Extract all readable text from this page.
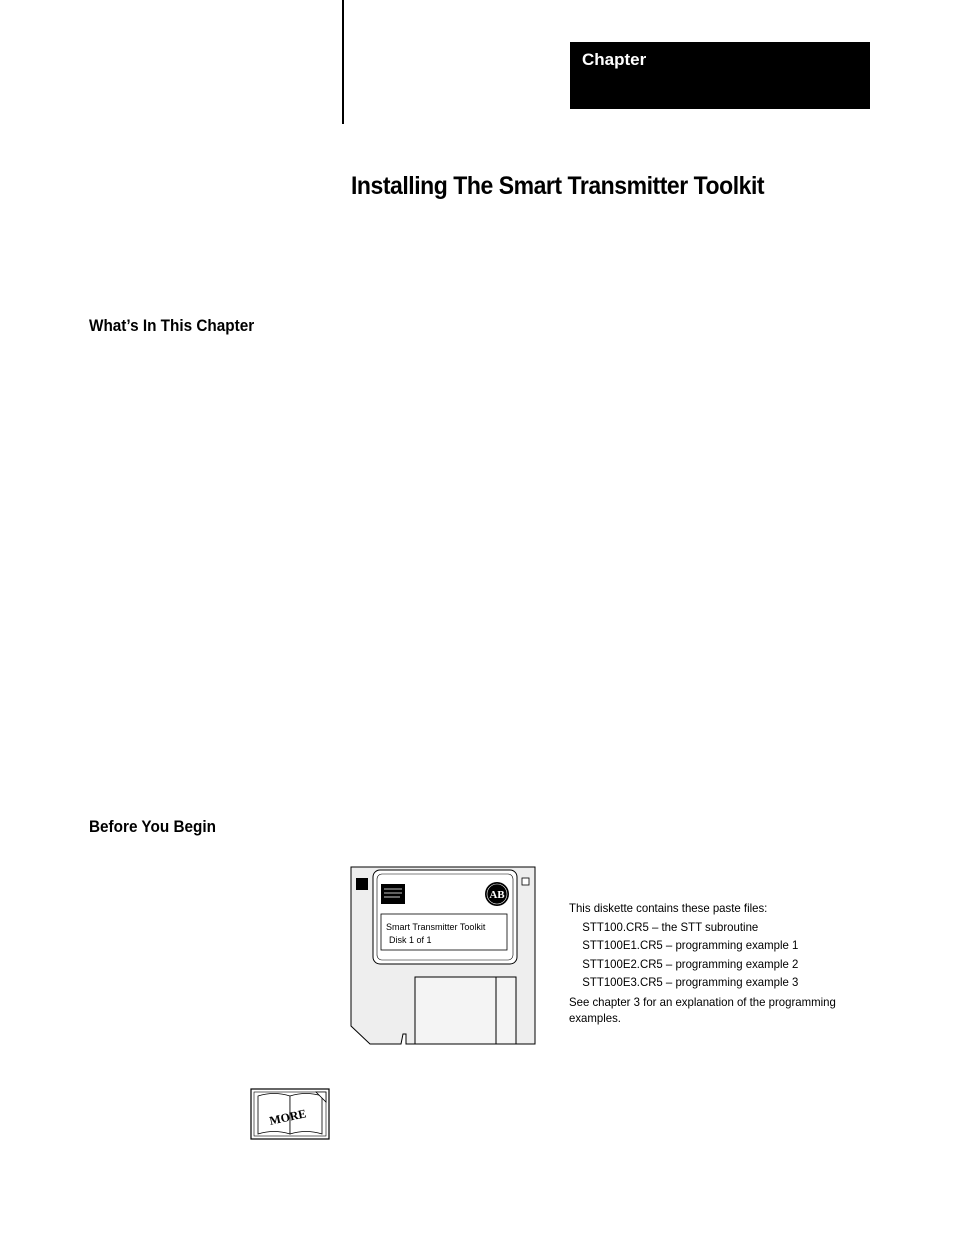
Chapter
Installing The Smart Transmitter Toolkit
What’s In This Chapter
Before You Begin
AB
Smart Transmitter Toolkit
Disk 1 of 1
This diskette contains these paste files:
STT100.CR5 – the STT subroutine
STT100E1.CR5 – programming example 1
STT100E2.CR5 – programming example 2
STT100E3.CR5 – programming example 3
See chapter 3 for an explanation of the programming examples.
MORE
